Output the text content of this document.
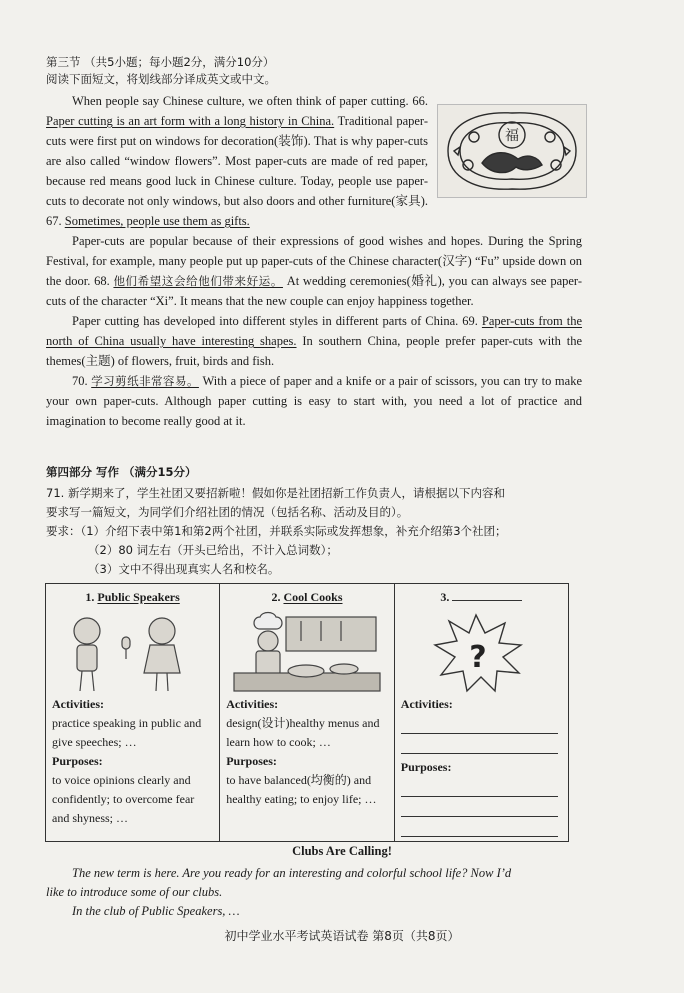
第三节 （共5小题；每小题2分，满分10分）
阅读下面短文，将划线部分译成英文或中文。
福

When people say Chinese culture, we often think of paper cutting. 66. Paper cutting is an art form with a long history in China. Traditional paper-cuts were first put on windows for decoration(装饰). That is why paper-cuts are also called “window flowers”. Most paper-cuts are made of red paper, because red means good luck in Chinese culture. Today, people use paper-cuts to decorate not only windows, but also doors and other furniture(家具). 67. Sometimes, people use them as gifts.

Paper-cuts are popular because of their expressions of good wishes and hopes. During the Spring Festival, for example, many people put up paper-cuts of the Chinese character(汉字) “Fu” upside down on the door. 68. 他们希望这会给他们带来好运。 At wedding ceremonies(婚礼), you can always see paper-cuts of the character “Xi”. It means that the new couple can enjoy happiness together.

Paper cutting has developed into different styles in different parts of China. 69. Paper-cuts from the north of China usually have interesting shapes. In southern China, people prefer paper-cuts with the themes(主题) of flowers, fruit, birds and fish.

70. 学习剪纸非常容易。 With a piece of paper and a knife or a pair of scissors, you can try to make your own paper-cuts. Although paper cutting is easy to start with, you need a lot of practice and imagination to become really good at it.

第四部分 写作 （满分15分）
71. 新学期来了，学生社团又要招新啦！假如你是社团招新工作负责人，请根据以下内容和
要求写一篇短文，为同学们介绍社团的情况（包括名称、活动及目的）。
要求：（1）介绍下表中第1和第2两个社团，并联系实际或发挥想象，补充介绍第3个社团；
（2）80 词左右（开头已给出，不计入总词数）；
（3）文中不得出现真实人名和校名。
1. Public Speakers
Activities:
practice speaking in public and give speeches; …
Purposes:
to voice opinions clearly and confidently; to overcome fear and shyness; …

2. Cool Cooks
Activities:
design(设计)healthy menus and learn how to cook; …
Purposes:
to have balanced(均衡的) and healthy eating; to enjoy life; …

3.
?
Activities:
Purposes:
Clubs Are Calling!
The new term is here. Are you ready for an interesting and colorful school life? Now I’d
like to introduce some of our clubs.
In the club of Public Speakers, …
初中学业水平考试英语试卷 第8页（共8页）
